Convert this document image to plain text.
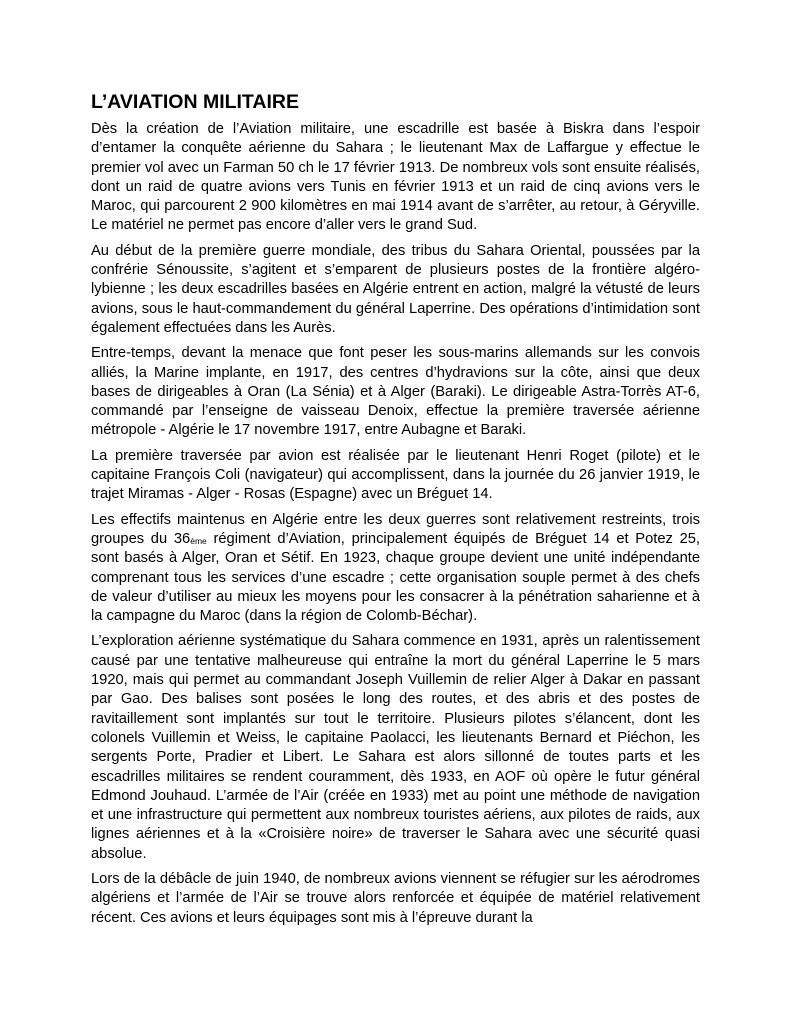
L’AVIATION MILITAIRE

Dès la création de l’Aviation militaire, une escadrille est basée à Biskra dans l’espoir d’entamer la conquête aérienne du Sahara ; le lieutenant Max de Laffargue y effectue le premier vol avec un Farman 50 ch le 17 février 1913. De nombreux vols sont ensuite réalisés, dont un raid de quatre avions vers Tunis en février 1913 et un raid de cinq avions vers le Maroc, qui parcourent 2 900 kilomètres en mai 1914 avant de s’arrêter, au retour, à Géryville. Le matériel ne permet pas encore d’aller vers le grand Sud.

Au début de la première guerre mondiale, des tribus du Sahara Oriental, poussées par la confrérie Sénoussite, s’agitent et s’emparent de plusieurs postes de la frontière algéro-lybienne ; les deux escadrilles basées en Algérie entrent en action, malgré la vétusté de leurs avions, sous le haut-commandement du général Laperrine. Des opérations d’intimidation sont également effectuées dans les Aurès.

Entre-temps, devant la menace que font peser les sous-marins allemands sur les convois alliés, la Marine implante, en 1917, des centres d’hydravions sur la côte, ainsi que deux bases de dirigeables à Oran (La Sénia) et à Alger (Baraki). Le dirigeable Astra-Torrès AT-6, commandé par l’enseigne de vaisseau Denoix, effectue la première traversée aérienne métropole - Algérie le 17 novembre 1917, entre Aubagne et Baraki.

La première traversée par avion est réalisée par le lieutenant Henri Roget (pilote) et le capitaine François Coli (navigateur) qui accomplissent, dans la journée du 26 janvier 1919, le trajet Miramas - Alger - Rosas (Espagne) avec un Bréguet 14.

Les effectifs maintenus en Algérie entre les deux guerres sont relativement restreints, trois groupes du $36_{ème}$ régiment d’Aviation, principalement équipés de Bréguet 14 et Potez 25, sont basés à Alger, Oran et Sétif. En 1923, chaque groupe devient une unité indépendante comprenant tous les services d’une escadre ; cette organisation souple permet à des chefs de valeur d’utiliser au mieux les moyens pour les consacrer à la pénétration saharienne et à la campagne du Maroc (dans la région de Colomb-Béchar).

L’exploration aérienne systématique du Sahara commence en 1931, après un ralentissement causé par une tentative malheureuse qui entraîne la mort du général Laperrine le 5 mars 1920, mais qui permet au commandant Joseph Vuillemin de relier Alger à Dakar en passant par Gao. Des balises sont posées le long des routes, et des abris et des postes de ravitaillement sont implantés sur tout le territoire. Plusieurs pilotes s’élancent, dont les colonels Vuillemin et Weiss, le capitaine Paolacci, les lieutenants Bernard et Piéchon, les sergents Porte, Pradier et Libert. Le Sahara est alors sillonné de toutes parts et les escadrilles militaires se rendent couramment, dès 1933, en AOF où opère le futur général Edmond Jouhaud. L’armée de l’Air (créée en 1933) met au point une méthode de navigation et une infrastructure qui permettent aux nombreux touristes aériens, aux pilotes de raids, aux lignes aériennes et à la «Croisière noire» de traverser le Sahara avec une sécurité quasi absolue.

Lors de la débâcle de juin 1940, de nombreux avions viennent se réfugier sur les aérodromes algériens et l’armée de l’Air se trouve alors renforcée et équipée de matériel relativement récent. Ces avions et leurs équipages sont mis à l’épreuve durant la
